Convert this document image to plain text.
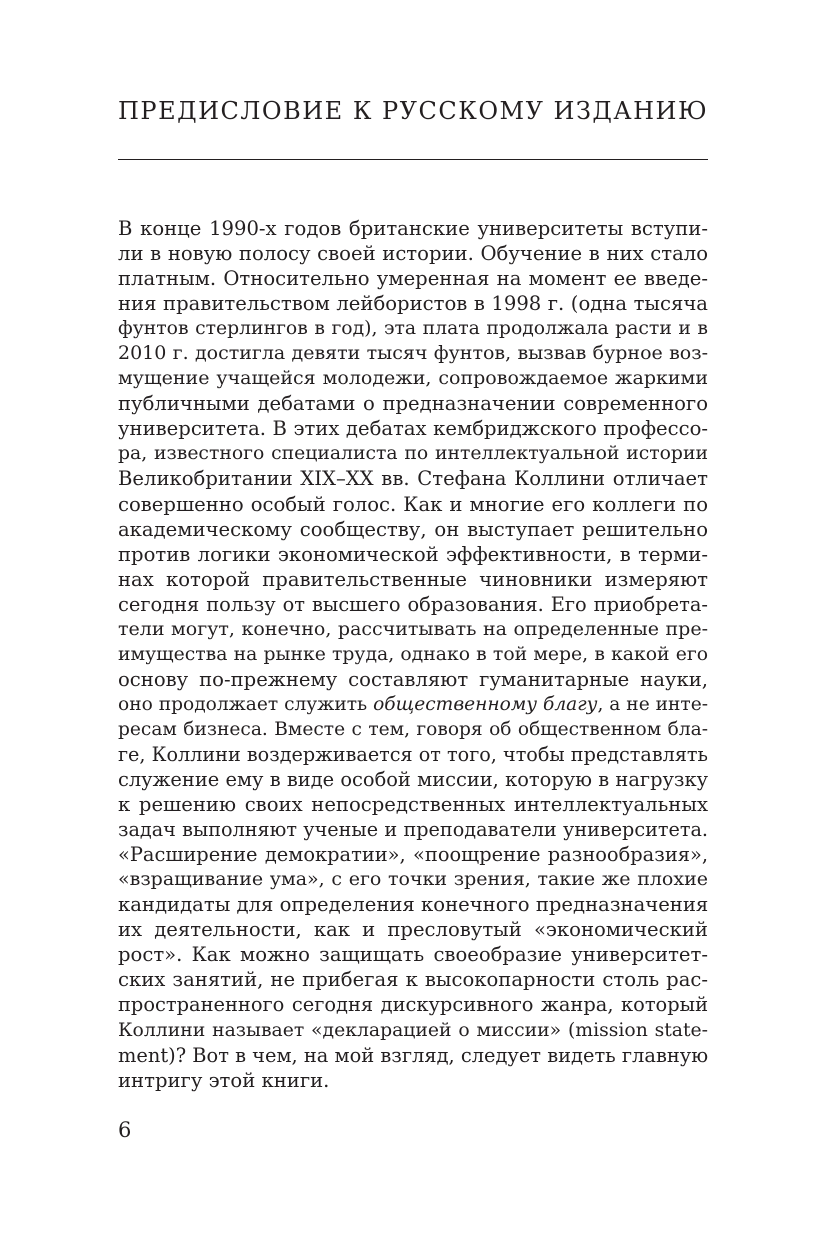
ПРЕДИСЛОВИЕ К РУССКОМУ ИЗДАНИЮ
В конце 1990-х годов британские университеты вступи-
ли в новую полосу своей истории. Обучение в них стало
платным. Относительно умеренная на момент ее введе-
ния правительством лейбористов в 1998 г. (одна тысяча
фунтов стерлингов в год), эта плата продолжала расти и в
2010 г. достигла девяти тысяч фунтов, вызвав бурное воз-
мущение учащейся молодежи, сопровождаемое жаркими
публичными дебатами о предназначении современного
университета. В этих дебатах кембриджского профессо-
ра, известного специалиста по интеллектуальной истории
Великобритании XIX–XX вв. Стефана Коллини отличает
совершенно особый голос. Как и многие его коллеги по
академическому сообществу, он выступает решительно
против логики экономической эффективности, в терми-
нах которой правительственные чиновники измеряют
сегодня пользу от высшего образования. Его приобрета-
тели могут, конечно, рассчитывать на определенные пре-
имущества на рынке труда, однако в той мере, в какой его
основу по-прежнему составляют гуманитарные науки,
оно продолжает служить общественному благу, а не инте-
ресам бизнеса. Вместе с тем, говоря об общественном бла-
ге, Коллини воздерживается от того, чтобы представлять
служение ему в виде особой миссии, которую в нагрузку
к решению своих непосредственных интеллектуальных
задач выполняют ученые и преподаватели университета.
«Расширение демократии», «поощрение разнообразия»,
«взращивание ума», с его точки зрения, такие же плохие
кандидаты для определения конечного предназначения
их деятельности, как и пресловутый «экономический
рост». Как можно защищать своеобразие университет-
ских занятий, не прибегая к высокопарности столь рас-
пространенного сегодня дискурсивного жанра, который
Коллини называет «декларацией о миссии» (mission state-
ment)? Вот в чем, на мой взгляд, следует видеть главную
интригу этой книги.
6
